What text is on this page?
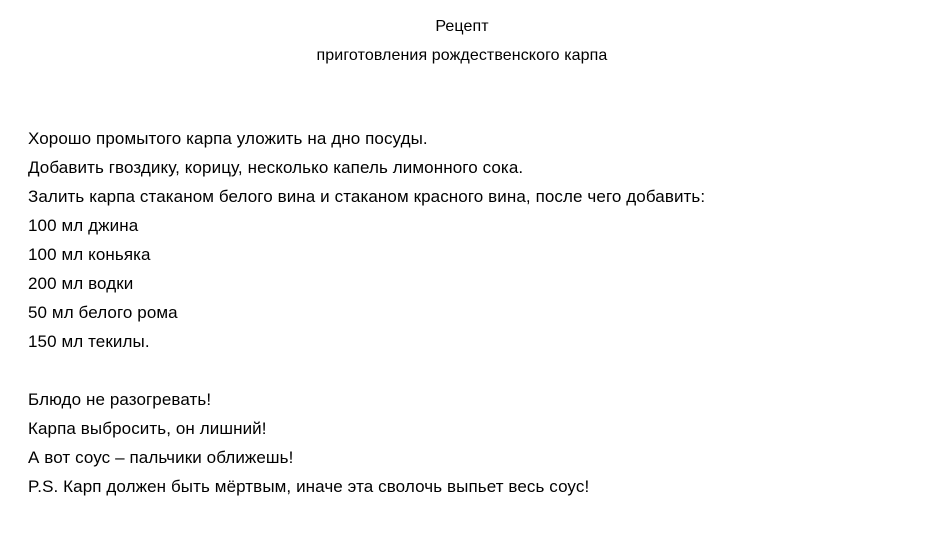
Рецепт
приготовления рождественского карпа
Хорошо промытого карпа уложить на дно посуды.
Добавить гвоздику, корицу, несколько капель лимонного сока.
Залить карпа стаканом белого вина и стаканом красного вина, после чего добавить:
100 мл джина
100 мл коньяка
200 мл водки
50 мл белого рома
150 мл текилы.
Блюдо не разогревать!
Карпа выбросить, он лишний!
А вот соус – пальчики оближешь!
P.S. Карп должен быть мёртвым, иначе эта сволочь выпьет весь соус!
